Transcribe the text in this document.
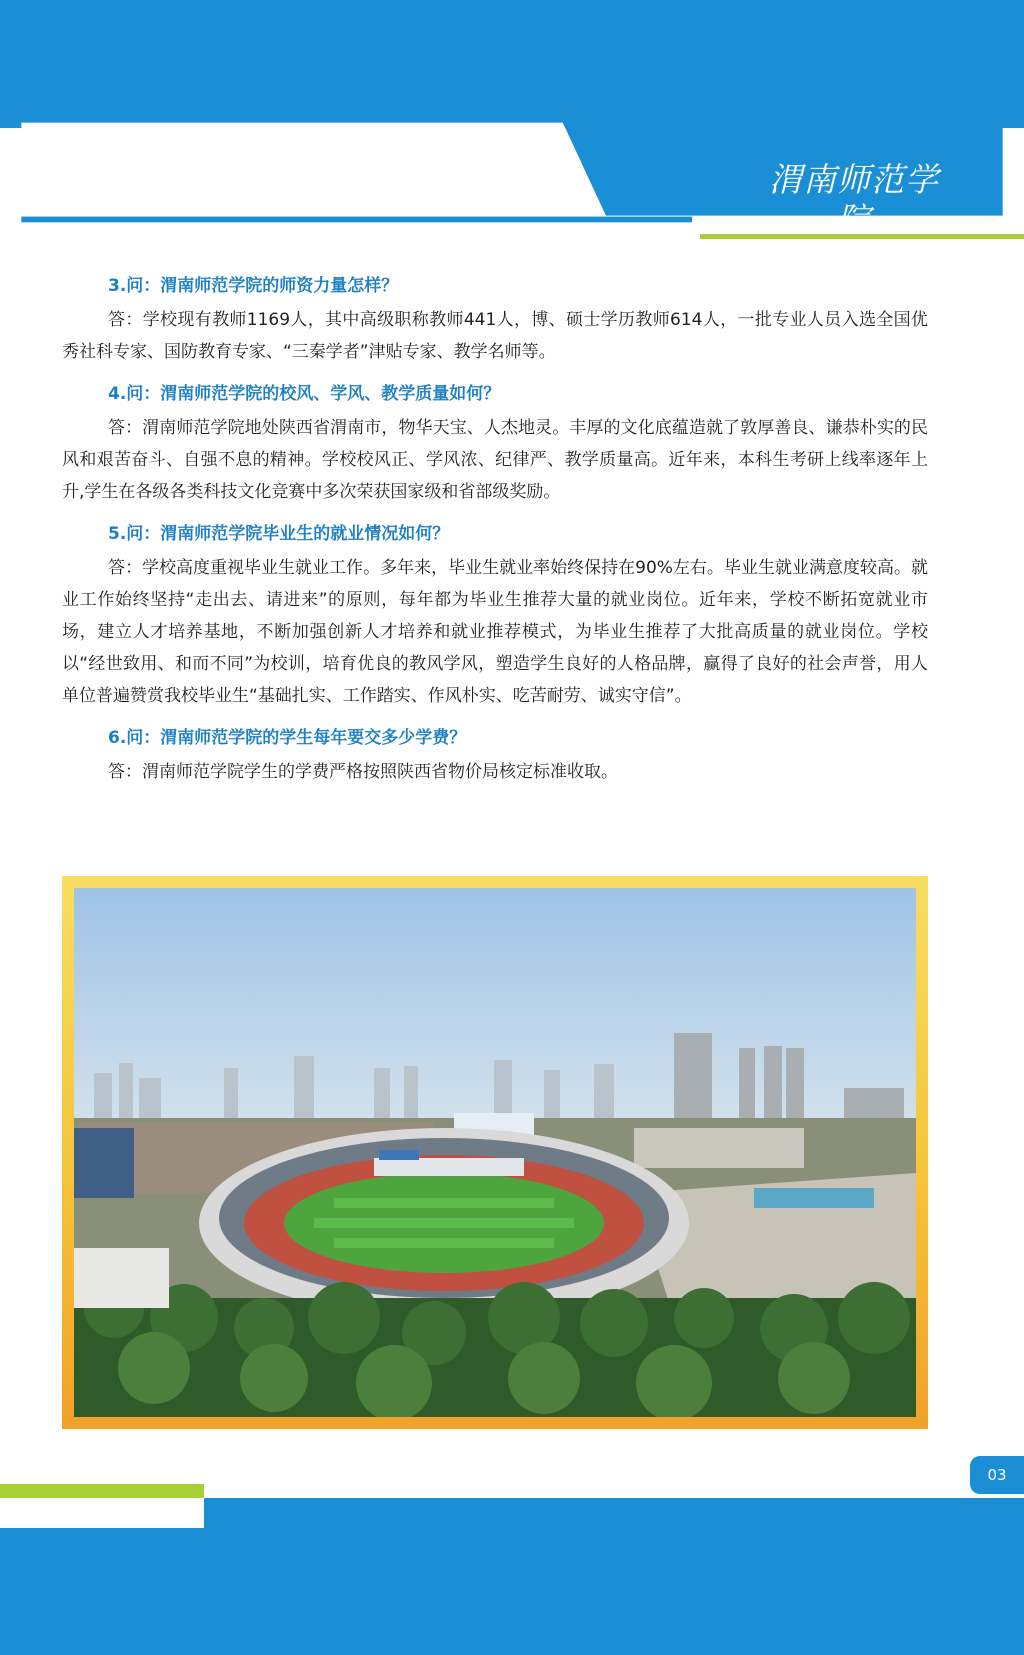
渭南师范学院
WEINAN NORMAL UNIVERSITY
3.问：渭南师范学院的师资力量怎样？

答：学校现有教师1169人，其中高级职称教师441人，博、硕士学历教师614人，一批专业人员入选全国优秀社科专家、国防教育专家、“三秦学者”津贴专家、教学名师等。

4.问：渭南师范学院的校风、学风、教学质量如何？

答：渭南师范学院地处陕西省渭南市，物华天宝、人杰地灵。丰厚的文化底蕴造就了敦厚善良、谦恭朴实的民风和艰苦奋斗、自强不息的精神。学校校风正、学风浓、纪律严、教学质量高。近年来，本科生考研上线率逐年上升,学生在各级各类科技文化竞赛中多次荣获国家级和省部级奖励。

5.问：渭南师范学院毕业生的就业情况如何？

答：学校高度重视毕业生就业工作。多年来，毕业生就业率始终保持在90%左右。毕业生就业满意度较高。就业工作始终坚持“走出去、请进来”的原则，每年都为毕业生推荐大量的就业岗位。近年来，学校不断拓宽就业市场，建立人才培养基地，不断加强创新人才培养和就业推荐模式，为毕业生推荐了大批高质量的就业岗位。学校以“经世致用、和而不同”为校训，培育优良的教风学风，塑造学生良好的人格品牌，赢得了良好的社会声誉，用人单位普遍赞赏我校毕业生“基础扎实、工作踏实、作风朴实、吃苦耐劳、诚实守信”。

6.问：渭南师范学院的学生每年要交多少学费？

答：渭南师范学院学生的学费严格按照陕西省物价局核定标准收取。

03
